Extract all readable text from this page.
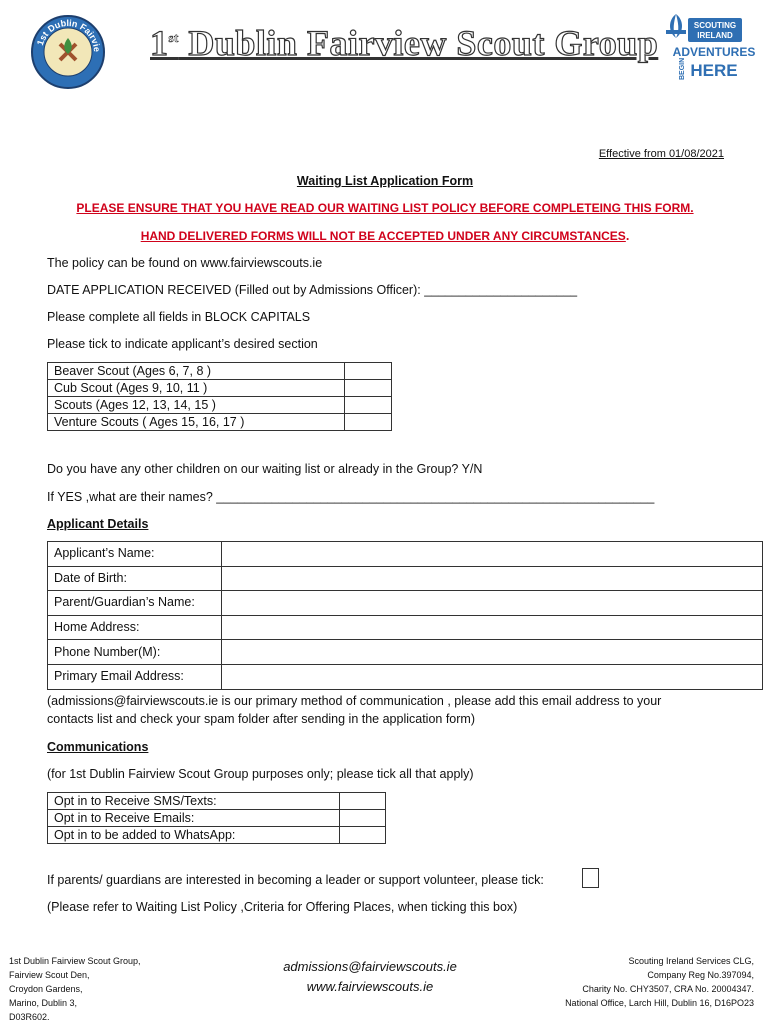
1st Dublin Fairvie 1st Dublin Fairview Scout Group	SCOUTING
IRELAND
ADVENTURES
HERE
BEGIN
Effective from 01/08/2021
Waiting List Application Form
PLEASE ENSURE THAT YOU HAVE READ OUR WAITING LIST POLICY BEFORE COMPLETEING THIS FORM.
HAND DELIVERED FORMS WILL NOT BE ACCEPTED UNDER ANY CIRCUMSTANCES.
The policy can be found on www.fairviewscouts.ie
DATE APPLICATION RECEIVED (Filled out by Admissions Officer): ______________________
Please complete all fields in BLOCK CAPITALS
Please tick to indicate applicant’s desired section
Beaver Scout (Ages 6, 7, 8 )	
Cub Scout (Ages 9, 10, 11 )	
Scouts (Ages 12, 13, 14, 15 )	
Venture Scouts ( Ages 15, 16, 17 )	
Do you have any other children on our waiting list or already in the Group? Y/N
If YES ,what are their names? _______________________________________________________________
Applicant Details
Applicant’s Name:	
Date of Birth:	
Parent/Guardian’s Name:	
Home Address:	
Phone Number(M):	
Primary Email Address:	
(admissions@fairviewscouts.ie is our primary method of communication , please add this email address to your
contacts list and check your spam folder after sending in the application form)
Communications
(for 1st Dublin Fairview Scout Group purposes only; please tick all that apply)
Opt in to Receive SMS/Texts:	
Opt in to Receive Emails:	
Opt in to be added to WhatsApp:	
If parents/ guardians are interested in becoming a leader or support volunteer, please tick:
(Please refer to Waiting List Policy ,Criteria for Offering Places, when ticking this box)
1st Dublin Fairview Scout Group,
Fairview Scout Den,
Croydon Gardens,
Marino, Dublin 3,
D03R602.
admissions@fairviewscouts.ie
www.fairviewscouts.ie
Scouting Ireland Services CLG,
Company Reg No.397094,
Charity No. CHY3507, CRA No. 20004347.
National Office, Larch Hill, Dublin 16, D16PO23
